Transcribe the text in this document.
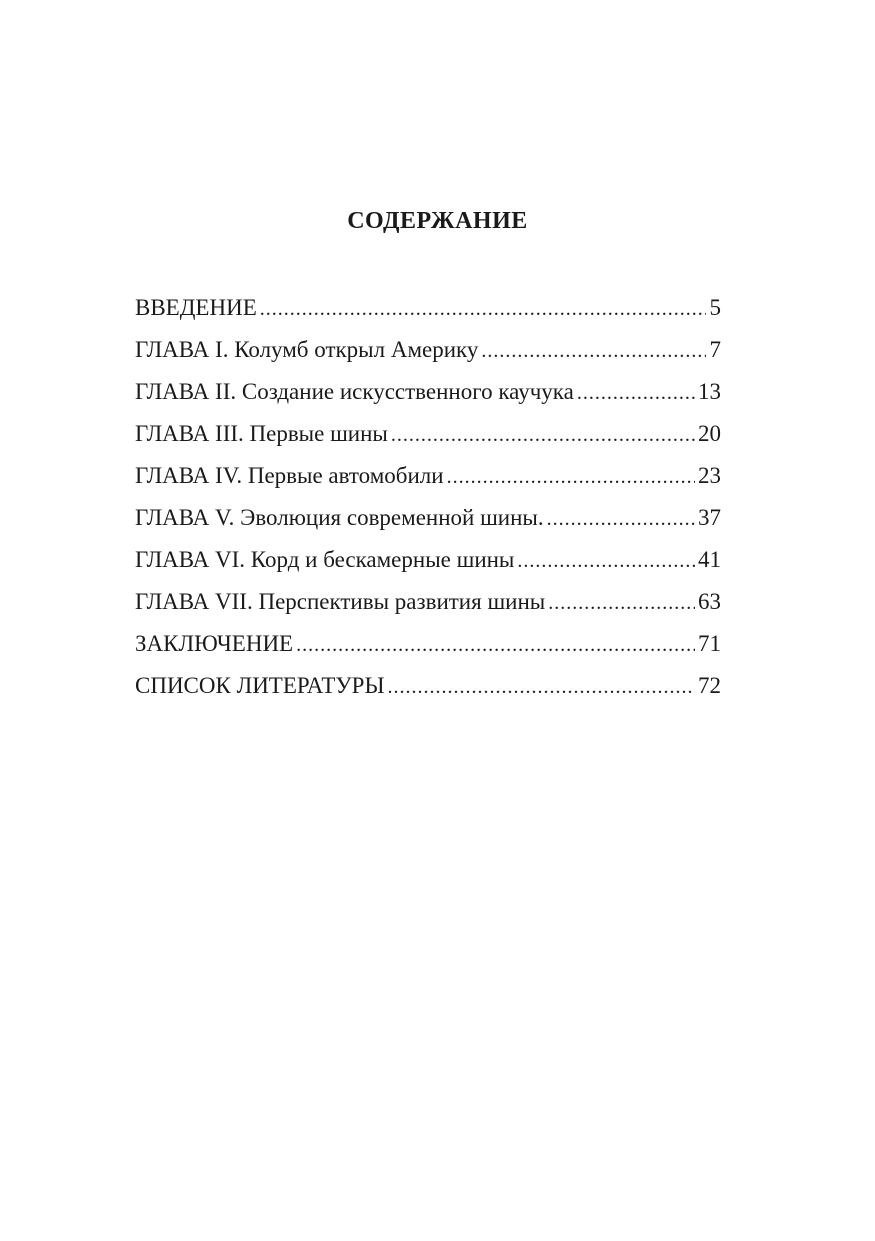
СОДЕРЖАНИЕ
ВВЕДЕНИЕ .....	5
ГЛАВА I. Колумб открыл Америку .....	7
ГЛАВА II. Создание искусственного каучука .....	13
ГЛАВА III. Первые шины .....	20
ГЛАВА IV. Первые автомобили .....	23
ГЛАВА V. Эволюция современной шины. .....	37
ГЛАВА VI. Корд и бескамерные шины .....	41
ГЛАВА VII. Перспективы развития шины .....	63
ЗАКЛЮЧЕНИЕ .....	71
СПИСОК ЛИТЕРАТУРЫ .....	72
